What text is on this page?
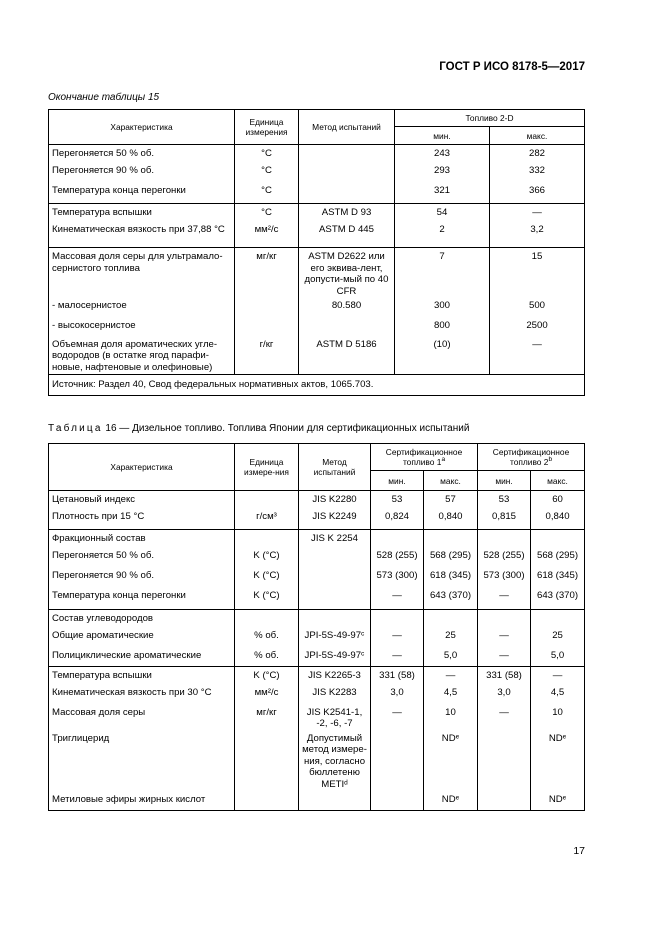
ГОСТ Р ИСО 8178-5—2017
Окончание таблицы 15
Характеристика	Единица измерения	Метод испытаний	Топливо 2-D	
			мин.	макс.
Перегоняется 50 % об.	°C		243	282
Перегоняется 90 % об.	°C		293	332
Температура конца перегонки	°C		321	366
Температура вспышки	°C	ASTM D 93	54	—
Кинематическая вязкость при 37,88 °C	мм²/с	ASTM D 445	2	3,2
Массовая доля серы для ультрамало-сернистого топлива	мг/кг	ASTM D2622 или его эквива-лент, допусти-мый по 40 CFR	7	15
- малосернистое		80.580	300	500
- высокосернистое			800	2500
Объемная доля ароматических угле-водородов (в остатке ягод парафи-новые, нафтеновые и олефиновые)	г/кг	ASTM D 5186	(10)	—
Источник: Раздел 40, Свод федеральных нормативных актов, 1065.703.				
Таблица 16 — Дизельное топливо. Топлива Японии для сертификационных испытаний
Характеристика	Единица измере-ния	Метод испытаний	Сертификационное топливо 1$^a$		Сертификационное топливо 2$^b$
			мин.	макс.	мин.	макс.
Цетановый индекс		JIS K2280	53	57	53	60
Плотность при 15 °C	г/см³	JIS K2249	0,824	0,840	0,815	0,840
Фракционный состав		JIS K 2254				
Перегоняется 50 % об.	K (°C)		528 (255)	568 (295)	528 (255)	568 (295)
Перегоняется 90 % об.	K (°C)		573 (300)	618 (345)	573 (300)	618 (345)
Температура конца перегонки	K (°C)		—	643 (370)	—	643 (370)
Состав углеводородов						
Общие ароматические	% об.	JPI-5S-49-97ᶜ	—	25	—	25
Полициклические ароматические	% об.	JPI-5S-49-97ᶜ	—	5,0	—	5,0
Температура вспышки	K (°C)	JIS K2265-3	331 (58)	—	331 (58)	—
Кинематическая вязкость при 30 °C	мм²/с	JIS K2283	3,0	4,5	3,0	4,5
Массовая доля серы	мг/кг	JIS K2541-1, -2, -6, -7	—	10	—	10
Триглицерид		Допустимый метод измере-ния, согласно бюллетеню METIᵈ		NDᵉ		NDᵉ
Метиловые эфиры жирных кислот				NDᵉ		NDᵉ
17
